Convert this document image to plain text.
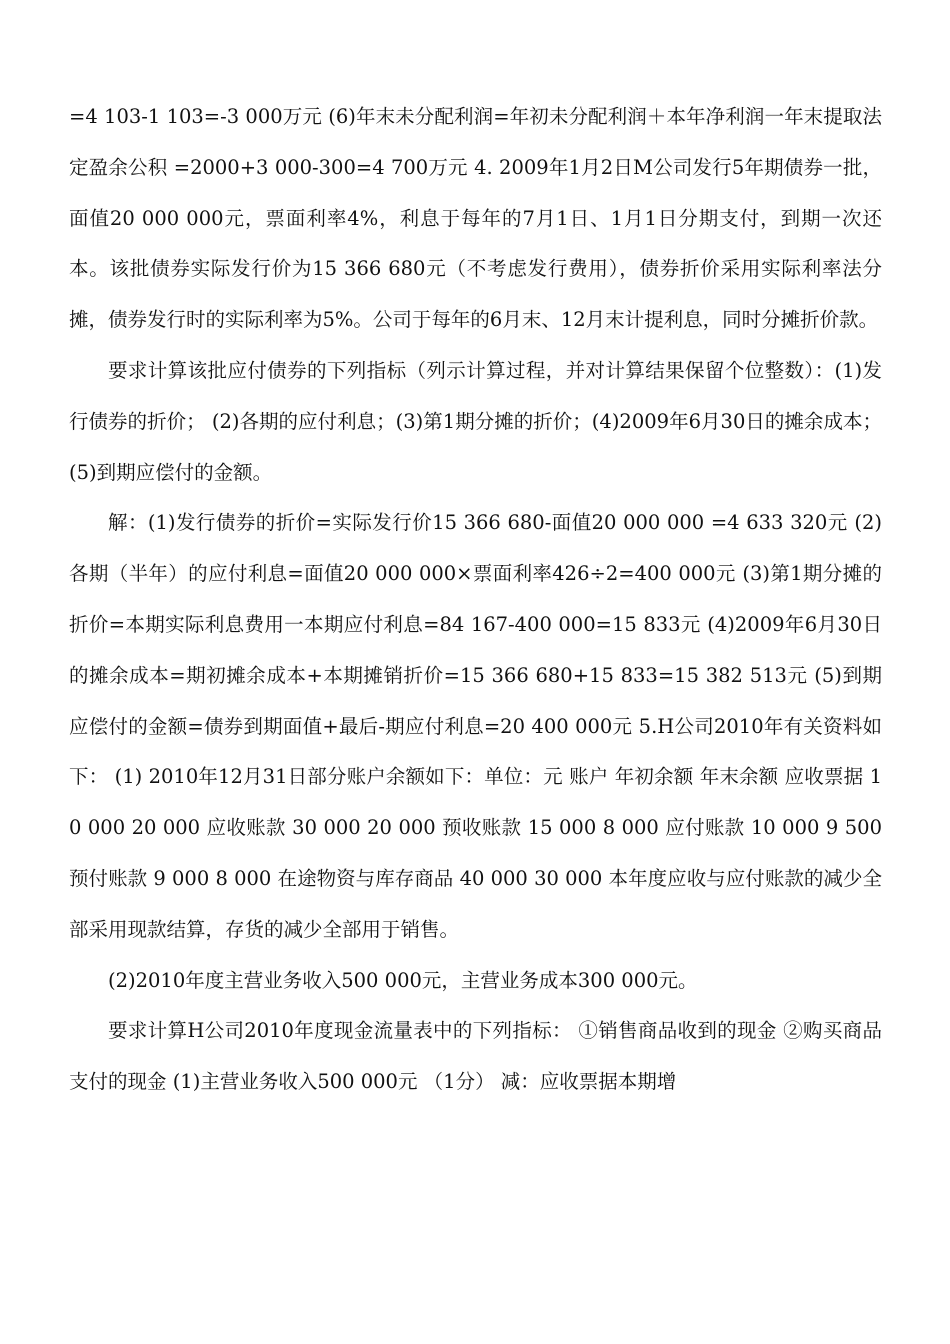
=4 103-1 103=-3 000万元 (6)年末未分配利润=年初未分配利润＋本年净利润一年末提取法定盈余公积 =2000+3 000-300=4 700万元 4. 2009年1月2日M公司发行5年期债券一批，面值20 000 000元，票面利率4%，利息于每年的7月1日、1月1日分期支付，到期一次还本。该批债券实际发行价为15 366 680元（不考虑发行费用），债券折价采用实际利率法分摊，债券发行时的实际利率为5%。公司于每年的6月末、12月末计提利息，同时分摊折价款。

要求计算该批应付债券的下列指标（列示计算过程，并对计算结果保留个位整数）：(1)发行债券的折价； (2)各期的应付利息；(3)第1期分摊的折价；(4)2009年6月30日的摊余成本； (5)到期应偿付的金额。

解：(1)发行债券的折价=实际发行价15 366 680-面值20 000 000 =4 633 320元 (2)各期（半年）的应付利息=面值20 000 000×票面利率426÷2=400 000元 (3)第1期分摊的折价=本期实际利息费用一本期应付利息=84 167-400 000=15 833元 (4)2009年6月30日的摊余成本=期初摊余成本+本期摊销折价=15 366 680+15 833=15 382 513元 (5)到期应偿付的金额=债券到期面值+最后-期应付利息=20 400 000元 5.H公司2010年有关资料如下： (1) 2010年12月31日部分账户余额如下：单位：元 账户 年初余额 年末余额 应收票据 10 000 20 000 应收账款 30 000 20 000 预收账款 15 000 8 000 应付账款 10 000 9 500 预付账款 9 000 8 000 在途物资与库存商品 40 000 30 000 本年度应收与应付账款的减少全部采用现款结算，存货的减少全部用于销售。

(2)2010年度主营业务收入500 000元，主营业务成本300 000元。

要求计算H公司2010年度现金流量表中的下列指标： ①销售商品收到的现金 ②购买商品支付的现金 (1)主营业务收入500 000元 （1分） 减：应收票据本期增
